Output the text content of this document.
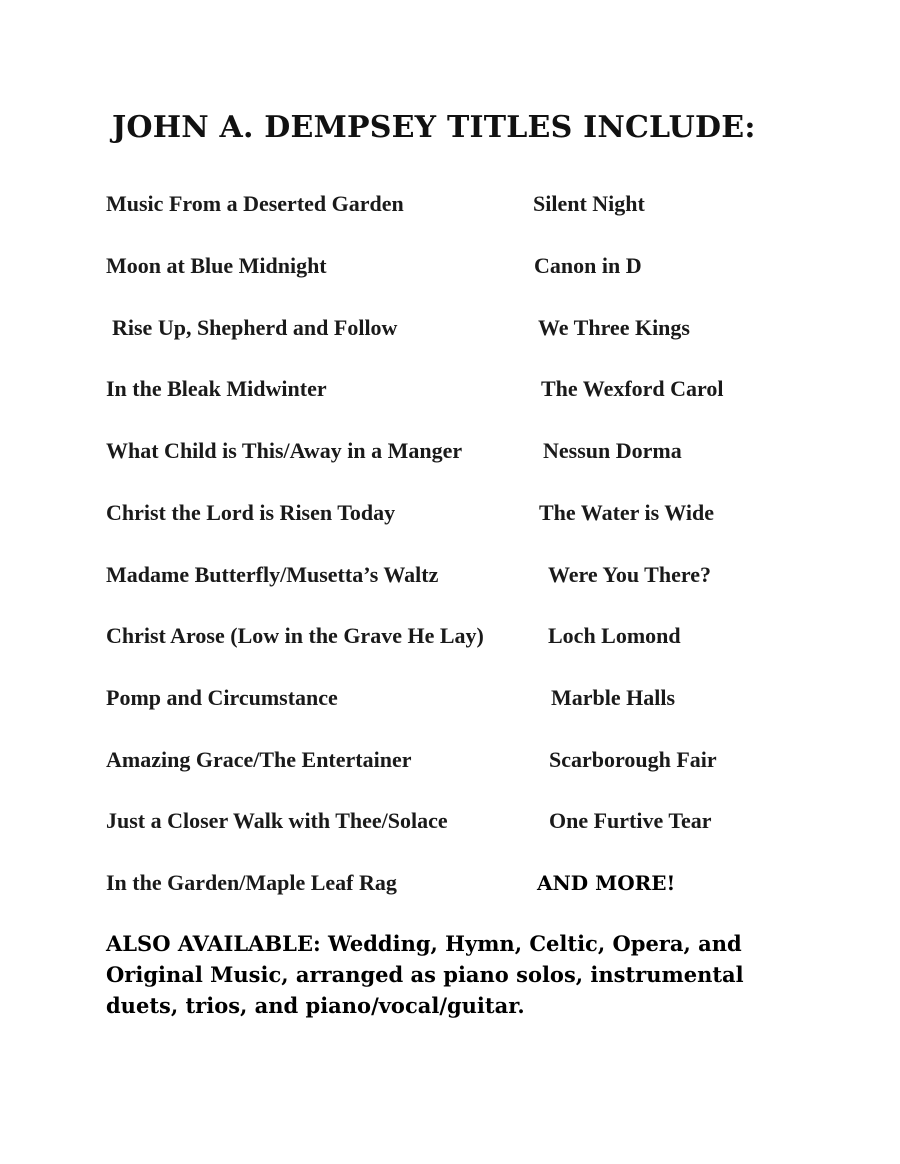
JOHN A. DEMPSEY TITLES INCLUDE:
Music From a Deserted Garden	Silent Night
Moon at Blue Midnight	Canon in D
Rise Up, Shepherd and Follow	We Three Kings
In the Bleak Midwinter	The Wexford Carol
What Child is This/Away in a Manger	Nessun Dorma
Christ the Lord is Risen Today	The Water is Wide
Madame Butterfly/Musetta’s Waltz	Were You There?
Christ Arose (Low in the Grave He Lay)	Loch Lomond
Pomp and Circumstance	Marble Halls
Amazing Grace/The Entertainer	Scarborough Fair
Just a Closer Walk with Thee/Solace	One Furtive Tear
In the Garden/Maple Leaf Rag	AND MORE!

ALSO AVAILABLE: Wedding, Hymn, Celtic, Opera, and Original Music, arranged as piano solos, instrumental duets, trios, and piano/vocal/guitar.
